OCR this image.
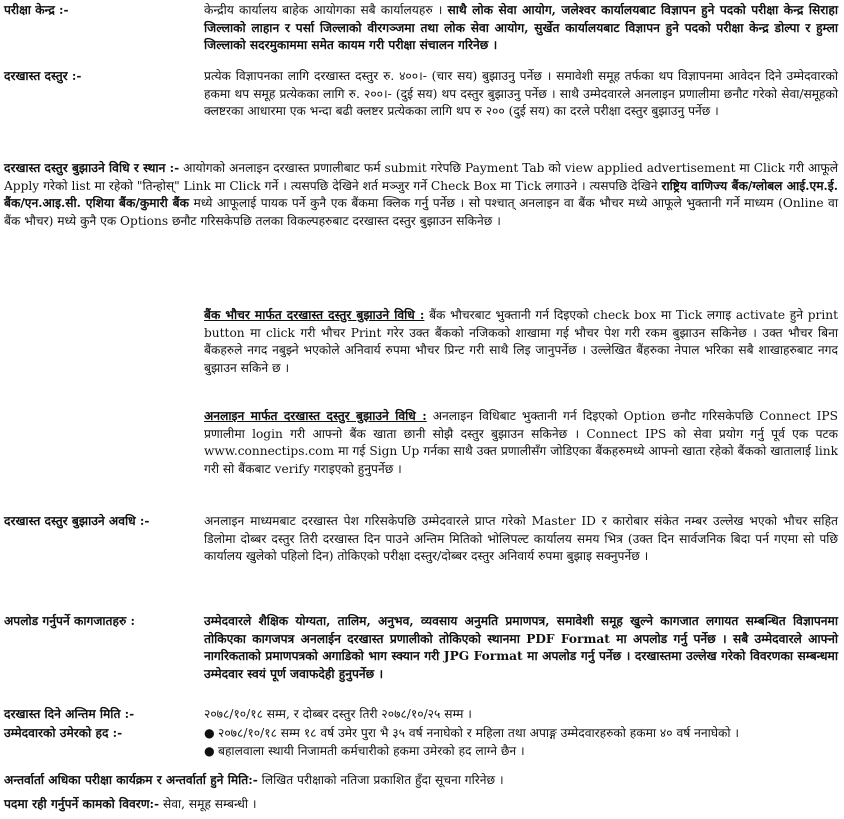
परीक्षा केन्द्र :-	केन्द्रीय कार्यालय बाहेक आयोगका सबै कार्यालयहरु । साथै लोक सेवा आयोग, जलेश्वर कार्यालयबाट विज्ञापन हुने पदको परीक्षा केन्द्र सिराहा जिल्लाको लाहान र पर्सा जिल्लाको वीरगञ्जमा तथा लोक सेवा आयोग, सुर्खेत कार्यालयबाट विज्ञापन हुने पदको परीक्षा केन्द्र डोल्पा र हुम्ला जिल्लाको सदरमुकाममा समेत कायम गरी परीक्षा संचालन गरिनेछ ।

दरखास्त दस्तुर :-	प्रत्येक विज्ञापनका लागि दरखास्त दस्तुर रु. ४००।- (चार सय) बुझाउनु पर्नेछ । समावेशी समूह तर्फका थप विज्ञापनमा आवेदन दिने उम्मेदवारको हकमा थप समूह प्रत्येकका लागि रु. २००।- (दुई सय) थप दस्तुर बुझाउनु पर्नेछ । साथै उम्मेदवारले अनलाइन प्रणालीमा छनौट गरेको सेवा/समूहको क्लष्टरका आधारमा एक भन्दा बढी क्लष्टर प्रत्येकका लागि थप रु २०० (दुई सय) का दरले परीक्षा दस्तुर बुझाउनु पर्नेछ ।

दरखास्त दस्तुर बुझाउने विधि र स्थान :- आयोगको अनलाइन दरखास्त प्रणालीबाट फर्म submit गरेपछि Payment Tab को view applied advertisement मा Click गरी आफूले Apply गरेको list मा रहेको "तिन्होस्" Link मा Click गर्ने । त्यसपछि देखिने शर्त मञ्जुर गर्ने Check Box मा Tick लगाउने । त्यसपछि देखिने राष्ट्रिय वाणिज्य बैंक/ग्लोबल आई.एम.ई. बैंक/एन.आइ.सी. एशिया बैंक/कुमारी बैंक मध्ये आफूलाई पायक पर्ने कुनै एक बैंकमा क्लिक गर्नु पर्नेछ । सो पश्चात् अनलाइन वा बैंक भौचर मध्ये आफूले भुक्तानी गर्ने माध्यम (Online वा बैंक भौचर) मध्ये कुनै एक Options छनौट गरिसकेपछि तलका विकल्पहरुबाट दरखास्त दस्तुर बुझाउन सकिनेछ ।

बैंक भौचर मार्फत दरखास्त दस्तुर बुझाउने विधि : बैंक भौचरबाट भुक्तानी गर्न दिइएको check box मा Tick लगाइ activate हुने print button मा click गरी भौचर Print गरेर उक्त बैंकको नजिकको शाखामा गई भौचर पेश गरी रकम बुझाउन सकिनेछ । उक्त भौचर बिना बैंकहरुले नगद नबुझ्ने भएकोले अनिवार्य रुपमा भौचर प्रिन्ट गरी साथै लिइ जानुपर्नेछ । उल्लेखित बैंहरुका नेपाल भरिका सबै शाखाहरुबाट नगद बुझाउन सकिने छ ।

अनलाइन मार्फत दरखास्त दस्तुर बुझाउने विधि : अनलाइन विधिबाट भुक्तानी गर्न दिइएको Option छनौट गरिसकेपछि Connect IPS प्रणालीमा login गरी आफ्नो बैंक खाता छानी सोझै दस्तुर बुझाउन सकिनेछ । Connect IPS को सेवा प्रयोग गर्नु पूर्व एक पटक www.connectips.com मा गई Sign Up गर्नका साथै उक्त प्रणालीसँग जोडिएका बैंकहरुमध्ये आफ्नो खाता रहेको बैंकको खातालाई link गरी सो बैंकबाट verify गराइएको हुनुपर्नेछ ।

दरखास्त दस्तुर बुझाउने अवधि :-	अनलाइन माध्यमबाट दरखास्त पेश गरिसकेपछि उम्मेदवारले प्राप्त गरेको Master ID र कारोबार संकेत नम्बर उल्लेख भएको भौचर सहित डिलोमा दोब्बर दस्तुर तिरी दरखास्त दिन पाउने अन्तिम मितिको भोलिपल्ट कार्यालय समय भित्र (उक्त दिन सार्वजनिक बिदा पर्न गएमा सो पछि कार्यालय खुलेको पहिलो दिन) तोकिएको परीक्षा दस्तुर/दोब्बर दस्तुर अनिवार्य रुपमा बुझाइ सक्नुपर्नेछ ।

अपलोड गर्नुपर्ने कागजातहरु :	उम्मेदवारले शैक्षिक योग्यता, तालिम, अनुभव, व्यवसाय अनुमति प्रमाणपत्र, समावेशी समूह खुल्ने कागजात लगायत सम्बन्धित विज्ञापनमा तोकिएका कागजपत्र अनलाईन दरखास्त प्रणालीको तोकिएको स्थानमा PDF Format मा अपलोड गर्नु पर्नेछ । सबै उम्मेदवारले आफ्नो नागरिकताको प्रमाणपत्रको अगाडिको भाग स्क्यान गरी JPG Format मा अपलोड गर्नु पर्नेछ । दरखास्तमा उल्लेख गरेको विवरणका सम्बन्धमा उम्मेदवार स्वयं पूर्ण जवाफदेही हुनुपर्नेछ ।

दरखास्त दिने अन्तिम मिति :-	२०७८/१०/१८ सम्म, र दोब्बर दस्तुर तिरी २०७८/१०/२५ सम्म ।

उम्मेदवारको उमेरको हद :-	● २०७८/१०/१८ सम्म १८ वर्ष उमेर पुरा भै ३५ वर्ष ननाघेको र महिला तथा अपाङ्ग उम्मेदवारहरुको हकमा ४० वर्ष ननाघेको ।

● बहालवाला स्थायी निजामती कर्मचारीको हकमा उमेरको हद लाग्ने छैन ।

अन्तर्वार्ता अधिका परीक्षा कार्यक्रम र अन्तर्वार्ता हुने मिति:- लिखित परीक्षाको नतिजा प्रकाशित हुँदा सूचना गरिनेछ ।

पदमा रही गर्नुपर्ने कामको विवरण:- सेवा, समूह सम्बन्धी ।
